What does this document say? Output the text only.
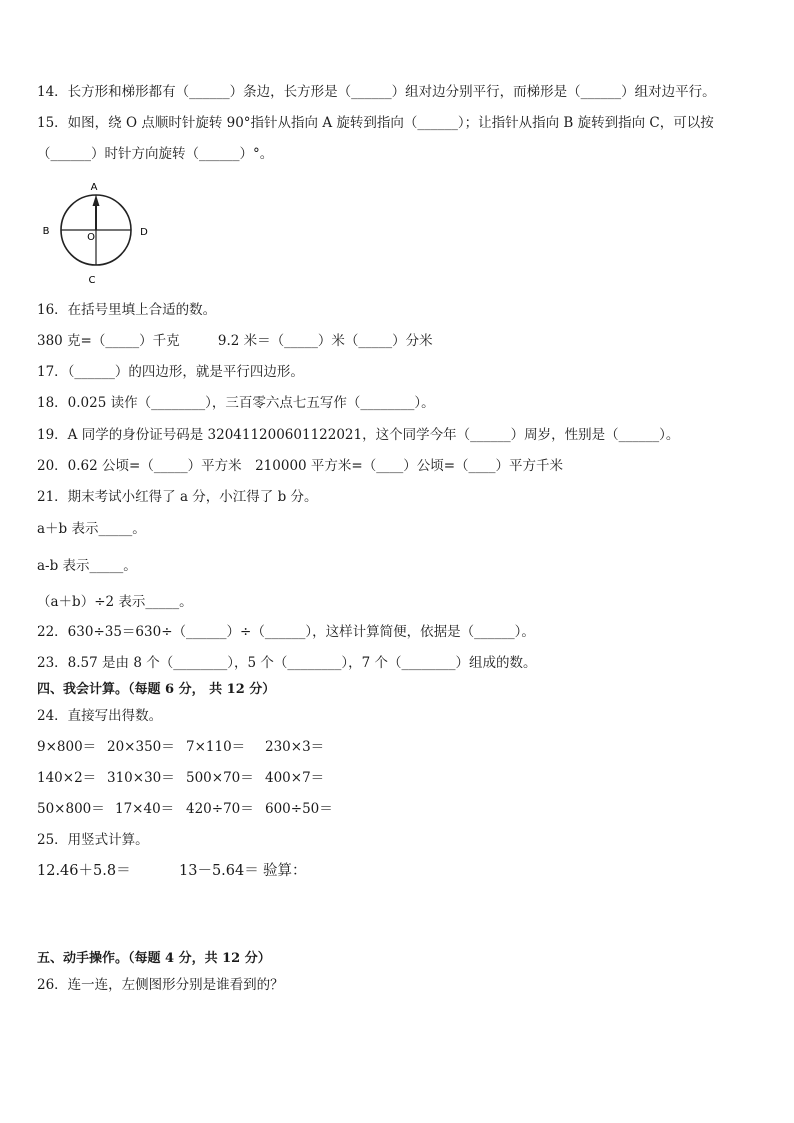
14．长方形和梯形都有（______）条边，长方形是（______）组对边分别平行，而梯形是（______）组对边平行。
15．如图，绕 O 点顺时针旋转 90°指针从指向 A 旋转到指向（______）；让指针从指向 B 旋转到指向 C，可以按
（______）时针方向旋转（______）°。
A
B	D
C
O
16．在括号里填上合适的数。
380 克=（_____）千克	9.2 米＝（_____）米（_____）分米
17．（______）的四边形，就是平行四边形。
18．0.025 读作（________），三百零六点七五写作（________）。
19．A 同学的身份证号码是 320411200601122021，这个同学今年（______）周岁，性别是（______）。
20．0.62 公顷=（_____）平方米　210000 平方米=（____）公顷=（____）平方千米
21．期末考试小红得了 a 分，小江得了 b 分。
a＋b 表示_____。
a-b 表示_____。
（a＋b）÷2 表示_____。
22．630÷35＝630÷（______）÷（______），这样计算简便，依据是（______）。
23．8.57 是由 8 个（________），5 个（________），7 个（________）组成的数。
四、我会计算。（每题 6 分， 共 12 分）
24．直接写出得数。
9×800＝ 20×350＝ 7×110＝ 230×3＝
140×2＝ 310×30＝ 500×70＝ 400×7＝
50×800＝ 17×40＝ 420÷70＝ 600÷50＝
25．用竖式计算。
12.46＋5.8＝	13－5.64＝ 验算：
五、动手操作。（每题 4 分，共 12 分）
26．连一连，左侧图形分别是谁看到的？
